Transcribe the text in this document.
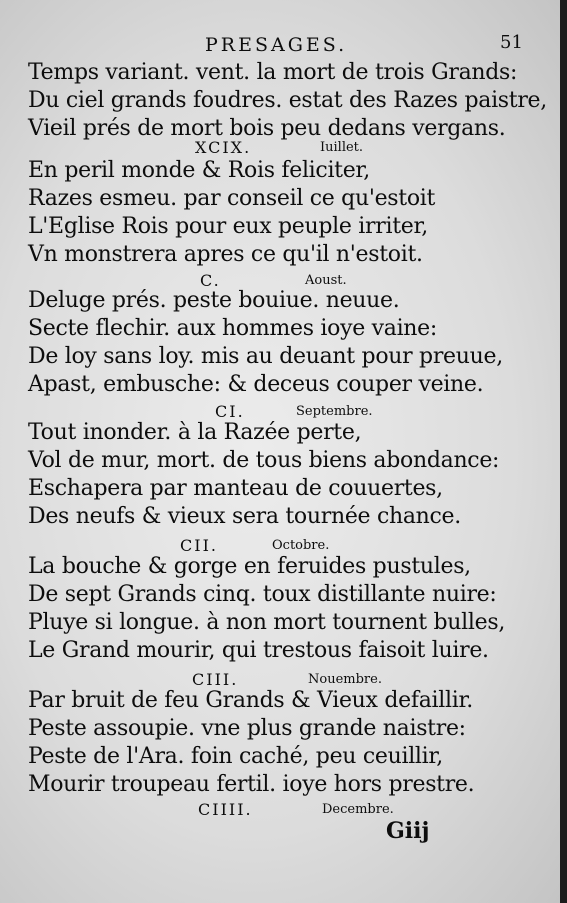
PRESAGES.	51
Temps variant. vent. la mort de trois Grands:
Du ciel grands foudres. estat des Razes paistre,
Vieil prés de mort bois peu dedans vergans.
XCIX.	Iuillet.
En peril monde & Rois feliciter,
Razes esmeu. par conseil ce qu'estoit
L'Eglise Rois pour eux peuple irriter,
Vn monstrera apres ce qu'il n'estoit.
C.	Aoust.
Deluge prés. peste bouiue. neuue.
Secte flechir. aux hommes ioye vaine:
De loy sans loy. mis au deuant pour preuue,
Apast, embusche: & deceus couper veine.
CI.	Septembre.
Tout inonder. à la Razée perte,
Vol de mur, mort. de tous biens abondance:
Eschapera par manteau de couuertes,
Des neufs & vieux sera tournée chance.
CII.	Octobre.
La bouche & gorge en feruides pustules,
De sept Grands cinq. toux distillante nuire:
Pluye si longue. à non mort tournent bulles,
Le Grand mourir, qui trestous faisoit luire.
CIII.	Nouembre.
Par bruit de feu Grands & Vieux defaillir.
Peste assoupie. vne plus grande naistre:
Peste de l'Ara. foin caché, peu ceuillir,
Mourir troupeau fertil. ioye hors prestre.
CIIII.	Decembre.
Giij
